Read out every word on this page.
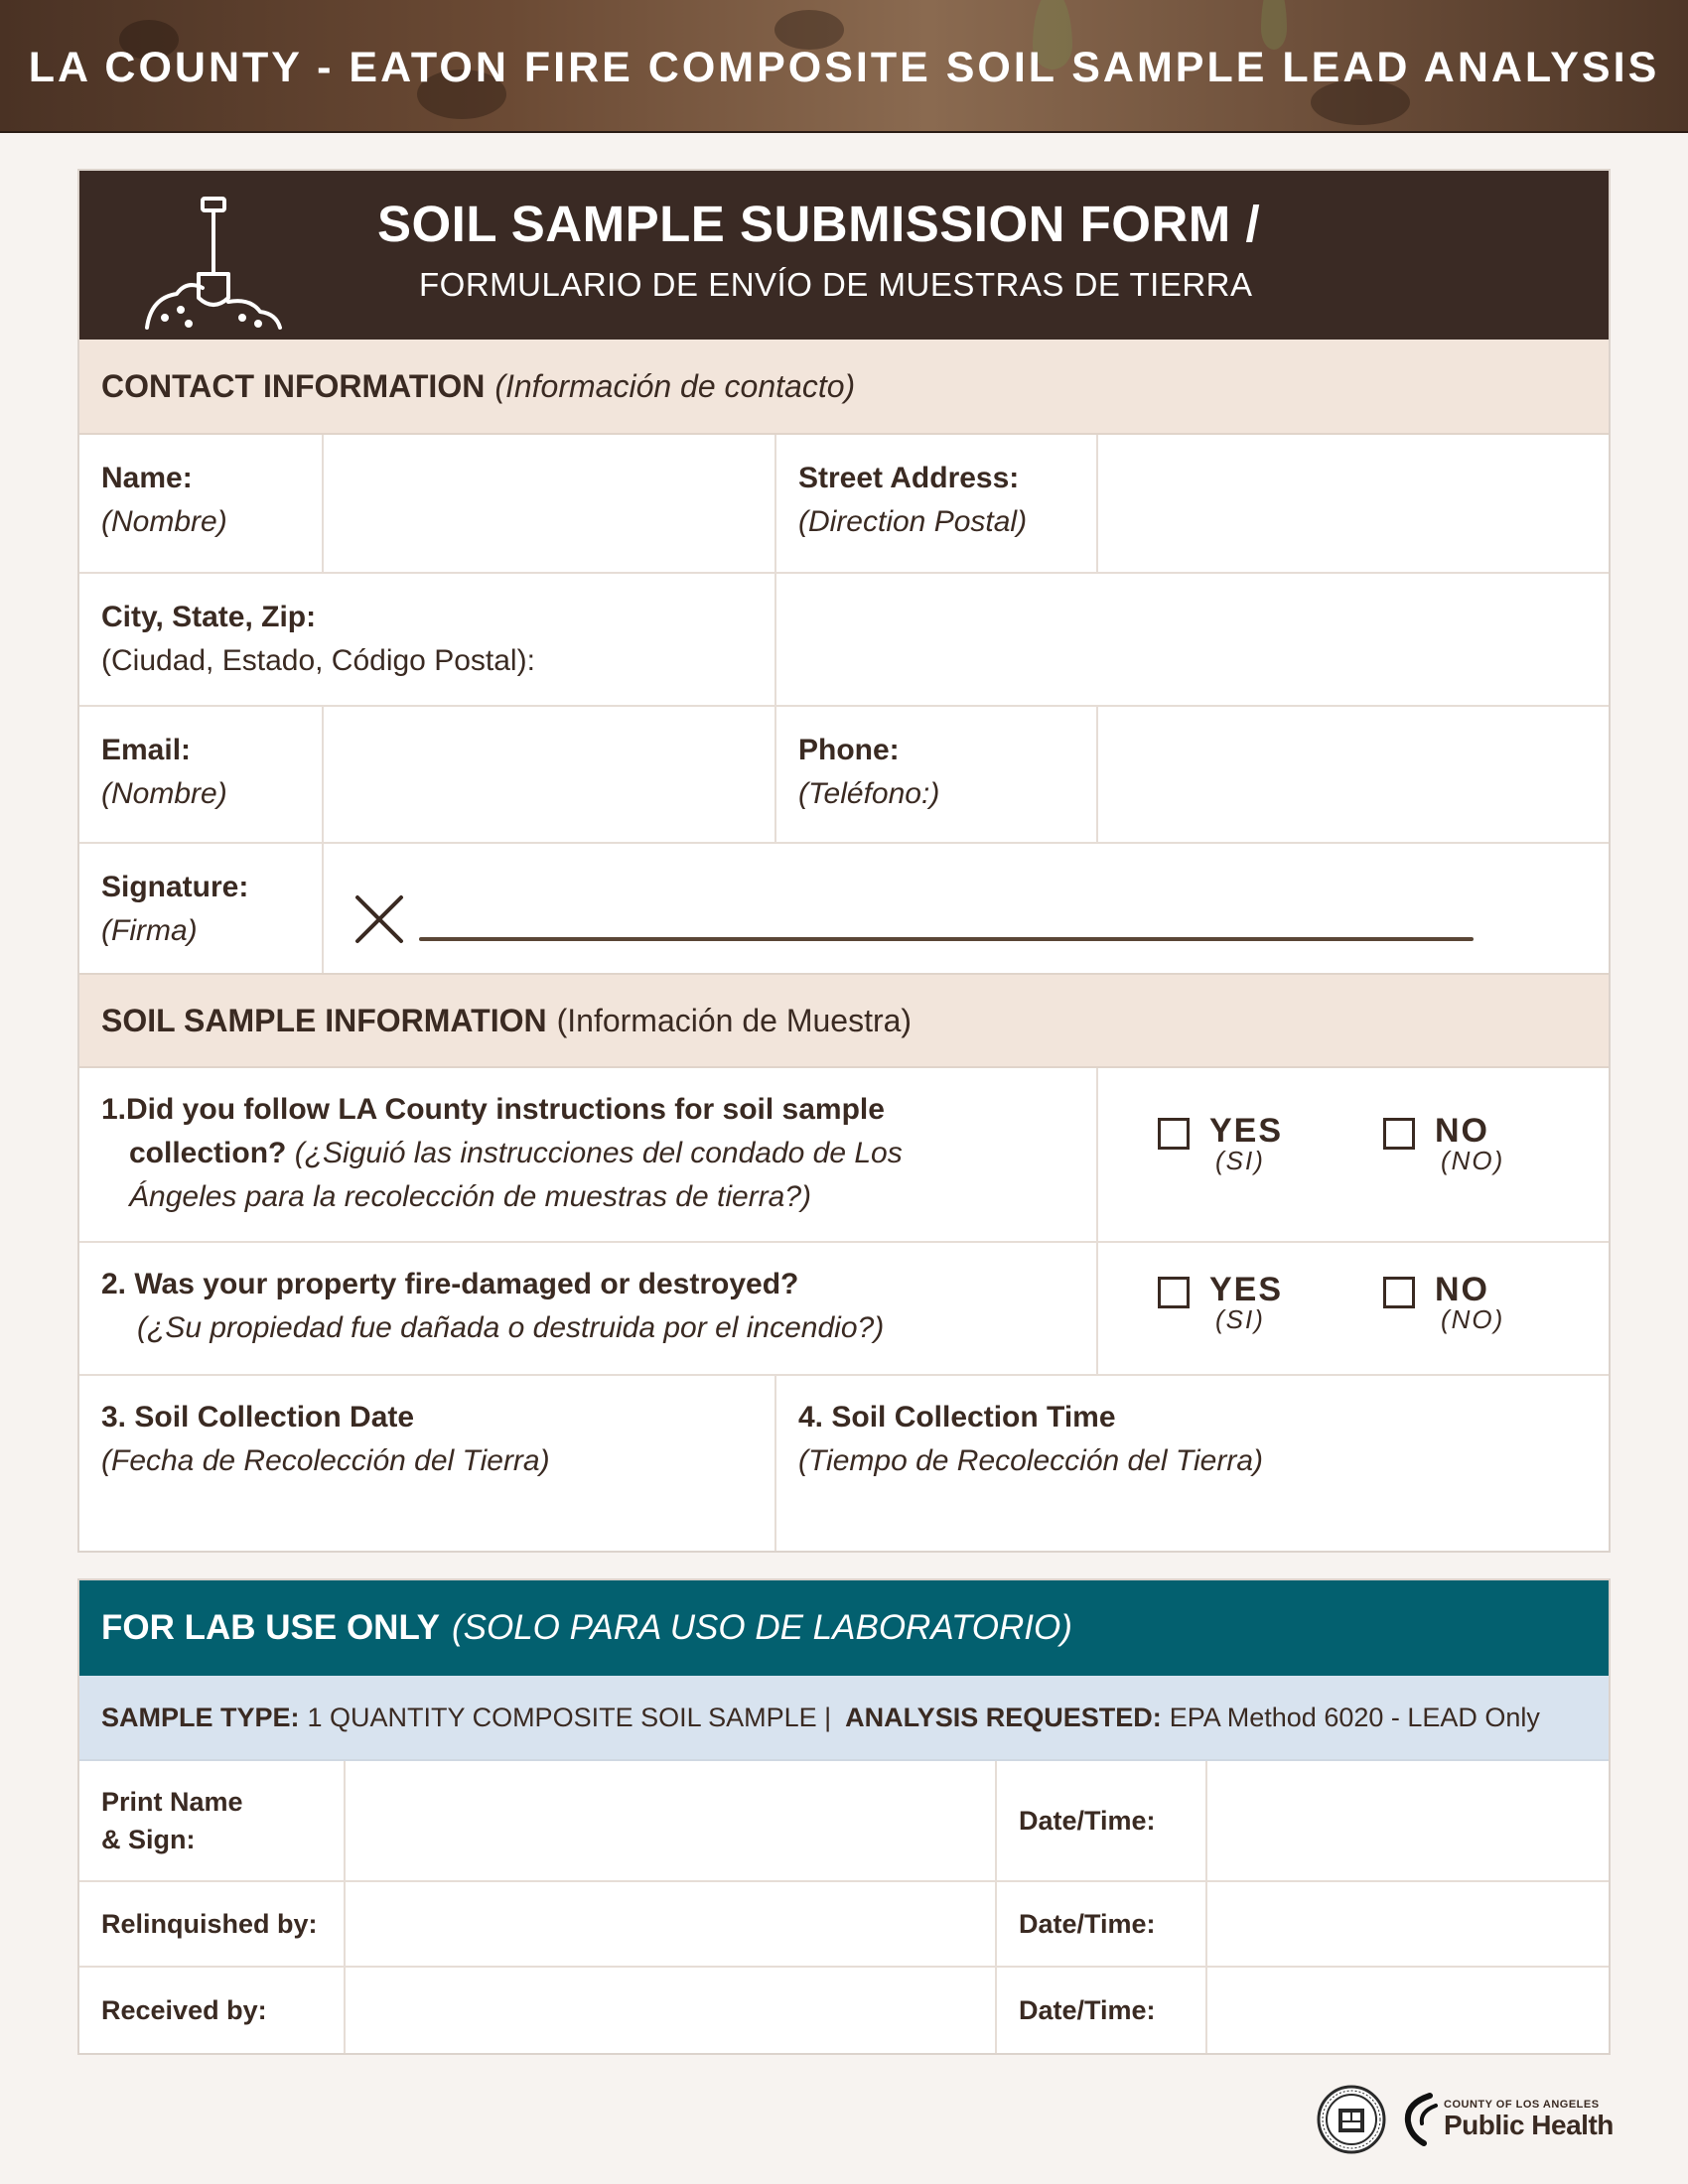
LA COUNTY - EATON FIRE COMPOSITE SOIL SAMPLE LEAD ANALYSIS
SOIL SAMPLE SUBMISSION FORM /
FORMULARIO DE ENVÍO DE MUESTRAS DE TIERRA
CONTACT INFORMATION (Información de contacto)
Name:
(Nombre)
Street Address:
(Direction Postal)
City, State, Zip:
(Ciudad, Estado, Código Postal):
Email:
(Nombre)
Phone:
(Teléfono:)
Signature:
(Firma)
SOIL SAMPLE INFORMATION (Información de Muestra)
1.Did you follow LA County instructions for soil sample
collection? (¿Siguió las instrucciones del condado de Los
Ángeles para la recolección de muestras de tierra?)
YES
(SI)
NO
(NO)
2. Was your property fire-damaged or destroyed?
(¿Su propiedad fue dañada o destruida por el incendio?)
YES
(SI)
NO
(NO)
3. Soil Collection Date
(Fecha de Recolección del Tierra)
4. Soil Collection Time
(Tiempo de Recolección del Tierra)
FOR LAB USE ONLY (SOLO PARA USO DE LABORATORIO)
SAMPLE TYPE: 1 QUANTITY COMPOSITE SOIL SAMPLE | ANALYSIS REQUESTED: EPA Method 6020 - LEAD Only
Print Name
& Sign:
Date/Time:
Relinquished by:	Date/Time:
Received by:	Date/Time:
COUNTY OF LOS ANGELES
Public Health
